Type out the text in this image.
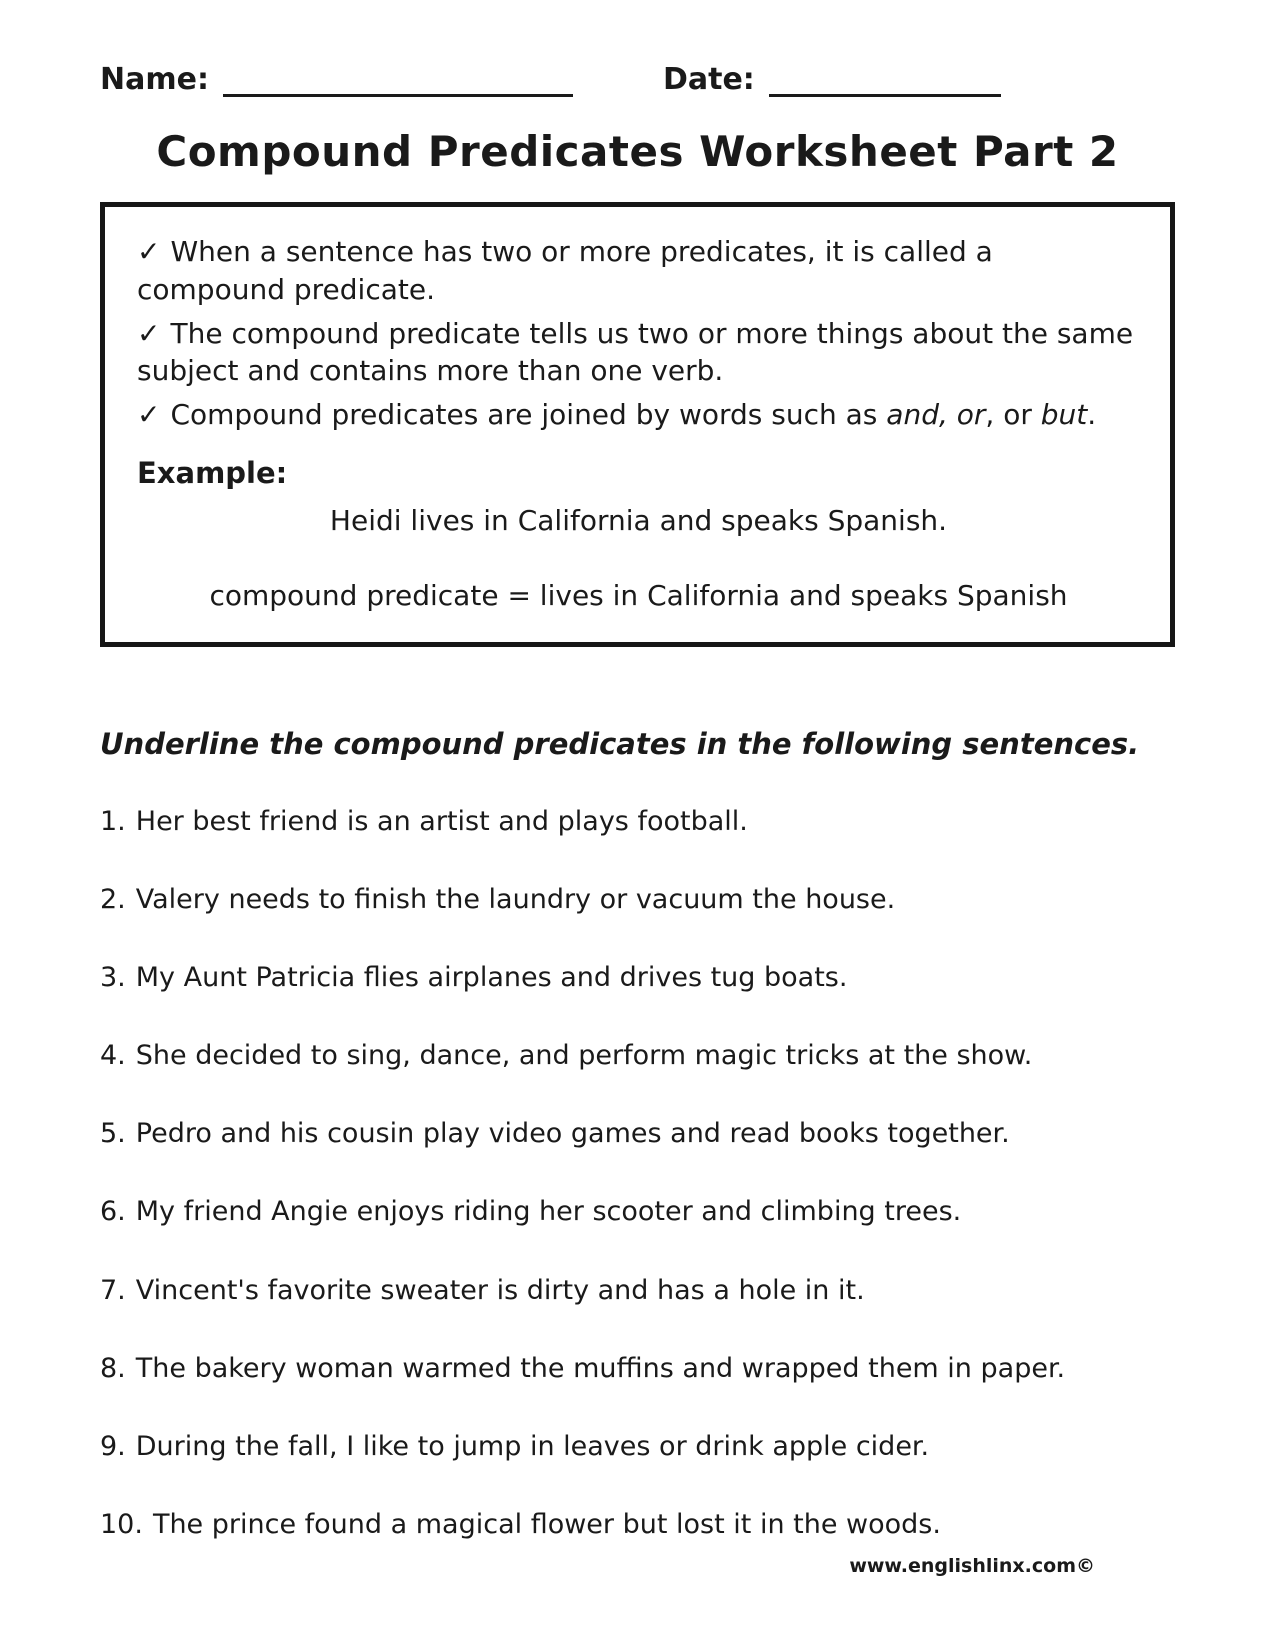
Name:	Date:
Compound Predicates Worksheet Part 2

✓ When a sentence has two or more predicates, it is called a compound predicate.

✓ The compound predicate tells us two or more things about the same subject and contains more than one verb.

✓ Compound predicates are joined by words such as and, or, or but.

Example:

Heidi lives in California and speaks Spanish.

compound predicate = lives in California and speaks Spanish

Underline the compound predicates in the following sentences.

1. Her best friend is an artist and plays football.

2. Valery needs to finish the laundry or vacuum the house.

3. My Aunt Patricia flies airplanes and drives tug boats.

4. She decided to sing, dance, and perform magic tricks at the show.

5. Pedro and his cousin play video games and read books together.

6. My friend Angie enjoys riding her scooter and climbing trees.

7. Vincent's favorite sweater is dirty and has a hole in it.

8. The bakery woman warmed the muffins and wrapped them in paper.

9. During the fall, I like to jump in leaves or drink apple cider.

10. The prince found a magical flower but lost it in the woods.

www.englishlinx.com©
